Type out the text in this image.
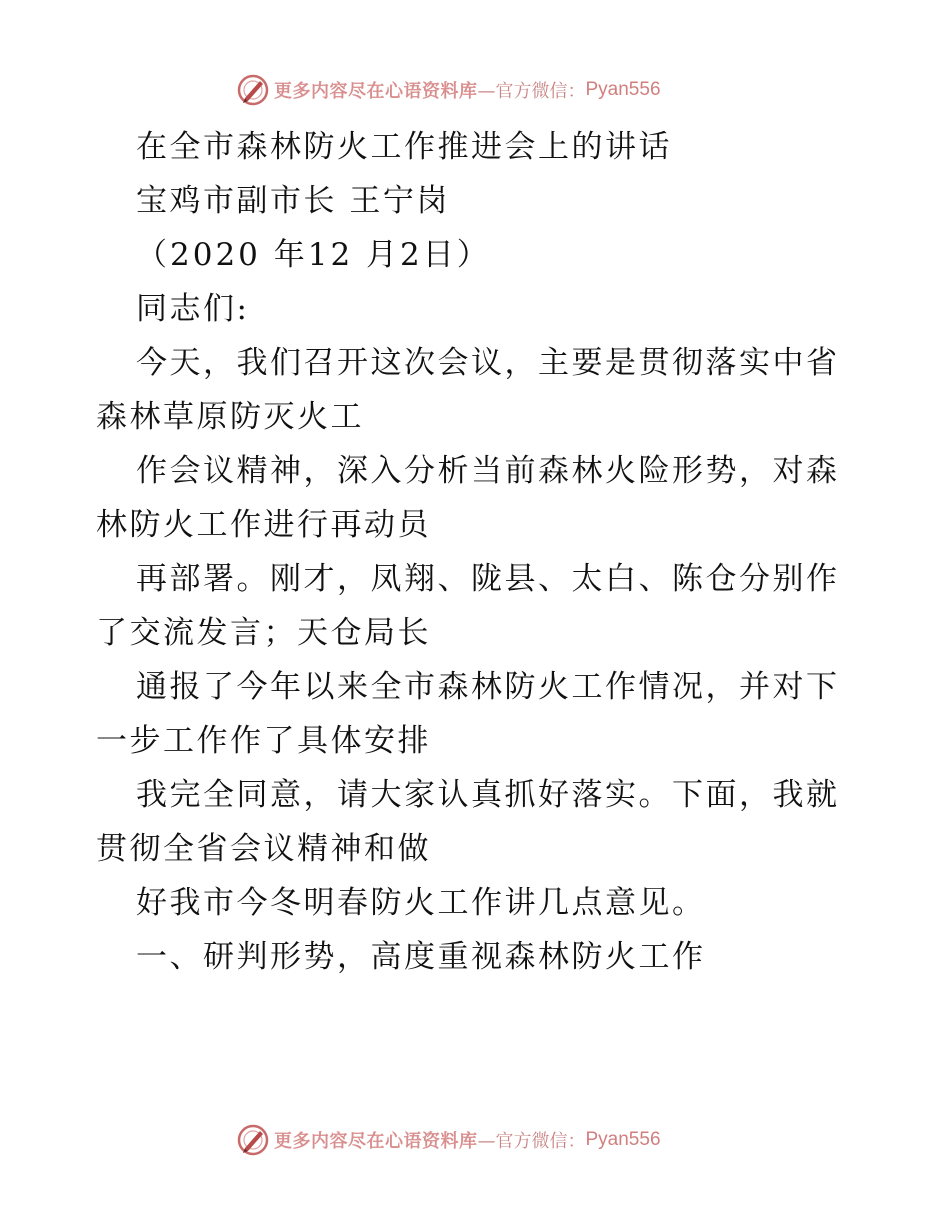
更多内容尽在心语资料库 —官方微信： Pyan556
在全市森林防火工作推进会上的讲话
宝鸡市副市长 王宁岗
（2020 年12 月2日）
同志们:
今天，我们召开这次会议，主要是贯彻落实中省
森林草原防灭火工
作会议精神，深入分析当前森林火险形势，对森
林防火工作进行再动员
再部署。刚才，凤翔、陇县、太白、陈仓分别作
了交流发言；天仓局长
通报了今年以来全市森林防火工作情况，并对下
一步工作作了具体安排
我完全同意，请大家认真抓好落实。下面，我就
贯彻全省会议精神和做
好我市今冬明春防火工作讲几点意见。
一、研判形势，高度重视森林防火工作
更多内容尽在心语资料库 —官方微信： Pyan556
